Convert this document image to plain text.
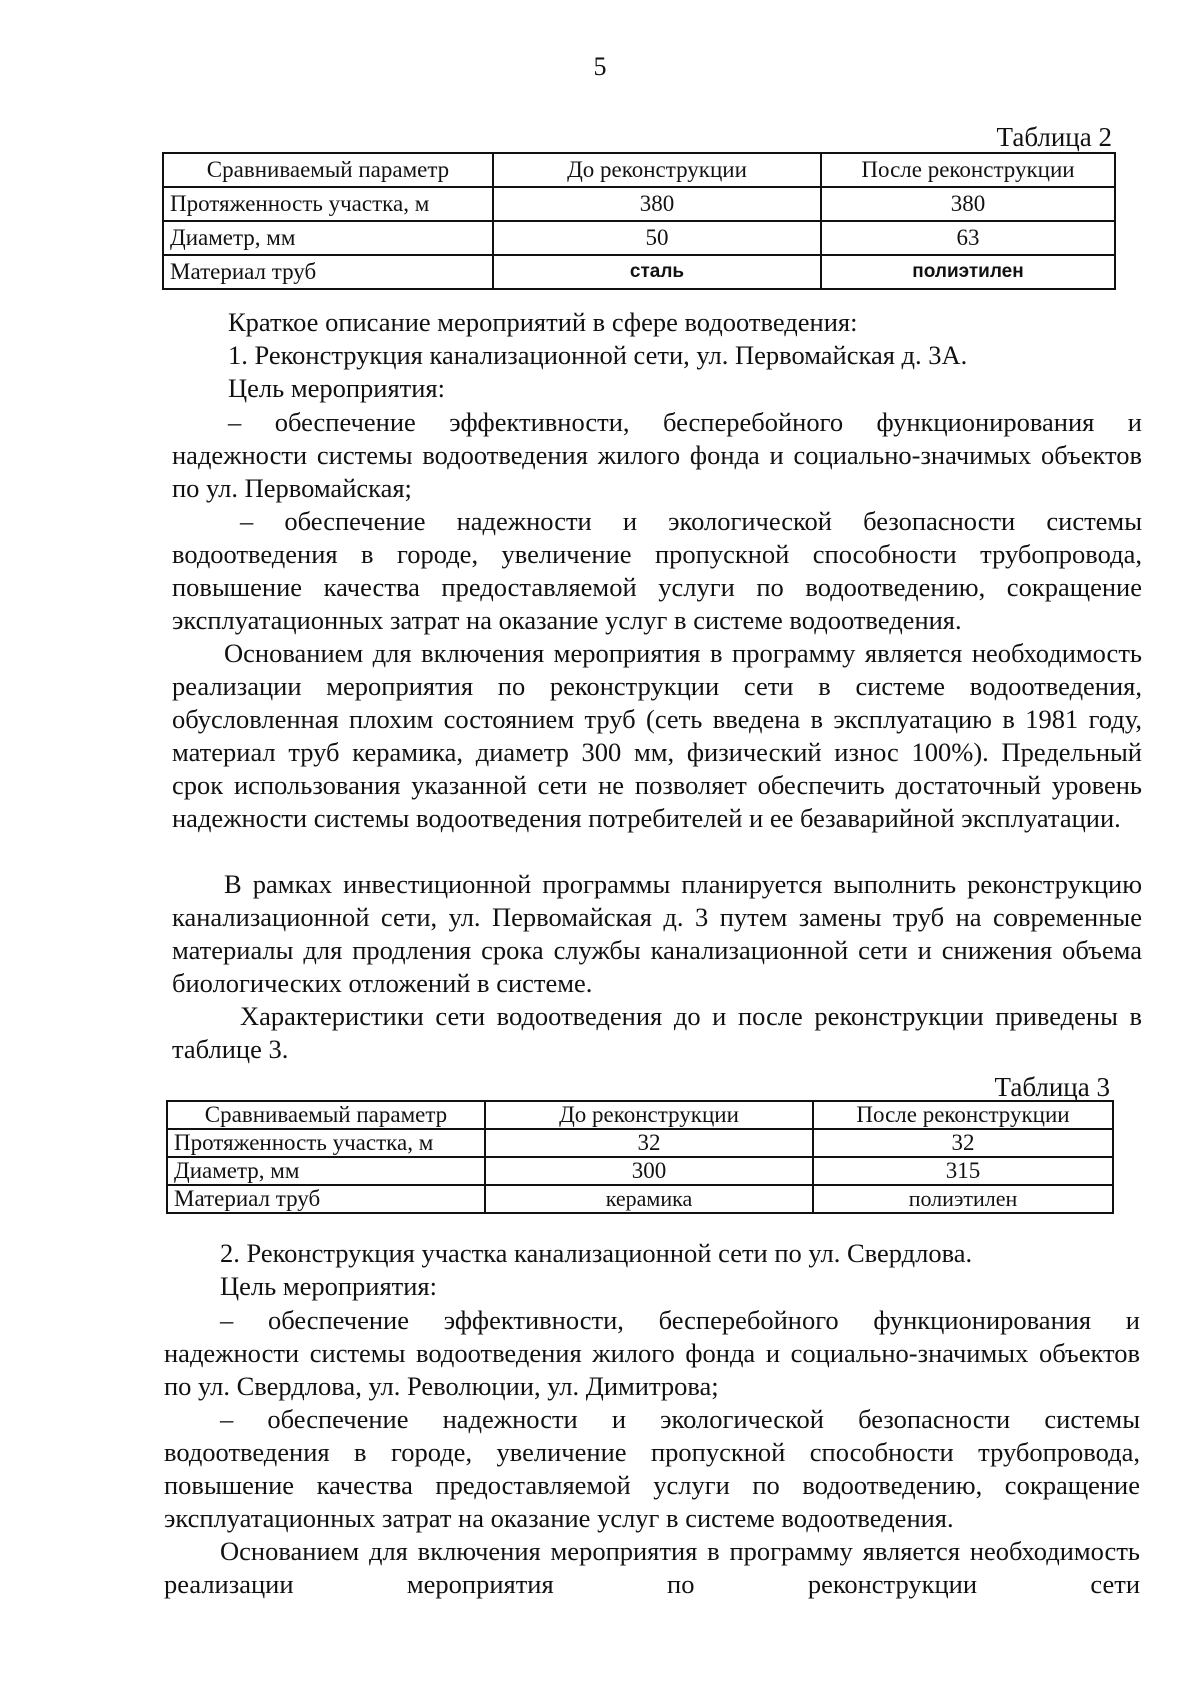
5
Таблица 2
Сравниваемый параметр	До реконструкции	После реконструкции
Протяженность участка, м	380	380
Диаметр, мм	50	63
Материал труб	сталь	полиэтилен
Краткое описание мероприятий в сфере водоотведения:
1. Реконструкция канализационной сети, ул. Первомайская д. 3А.
Цель мероприятия:
– обеспечение эффективности, бесперебойного функционирования и надежности системы водоотведения жилого фонда и социально-значимых объектов по ул. Первомайская;
– обеспечение надежности и экологической безопасности системы водоотведения в городе, увеличение пропускной способности трубопровода, повышение качества предоставляемой услуги по водоотведению, сокращение эксплуатационных затрат на оказание услуг в системе водоотведения.
Основанием для включения мероприятия в программу является необходимость реализации мероприятия по реконструкции сети в системе водоотведения, обусловленная плохим состоянием труб (сеть введена в эксплуатацию в 1981 году, материал труб керамика, диаметр 300 мм, физический износ 100%). Предельный срок использования указанной сети не позволяет обеспечить достаточный уровень надежности системы водоотведения потребителей и ее безаварийной эксплуатации.
В рамках инвестиционной программы планируется выполнить реконструкцию канализационной сети, ул. Первомайская д. 3 путем замены труб на современные материалы для продления срока службы канализационной сети и снижения объема биологических отложений в системе.
Характеристики сети водоотведения до и после реконструкции приведены в таблице 3.
Таблица 3
Сравниваемый параметр	До реконструкции	После реконструкции
Протяженность участка, м	32	32
Диаметр, мм	300	315
Материал труб	керамика	полиэтилен
2. Реконструкция участка канализационной сети по ул. Свердлова.
Цель мероприятия:
– обеспечение эффективности, бесперебойного функционирования и надежности системы водоотведения жилого фонда и социально-значимых объектов по ул. Свердлова, ул. Революции, ул. Димитрова;
– обеспечение надежности и экологической безопасности системы водоотведения в городе, увеличение пропускной способности трубопровода, повышение качества предоставляемой услуги по водоотведению, сокращение эксплуатационных затрат на оказание услуг в системе водоотведения.
Основанием для включения мероприятия в программу является необходимость реализации мероприятия по реконструкции сети
